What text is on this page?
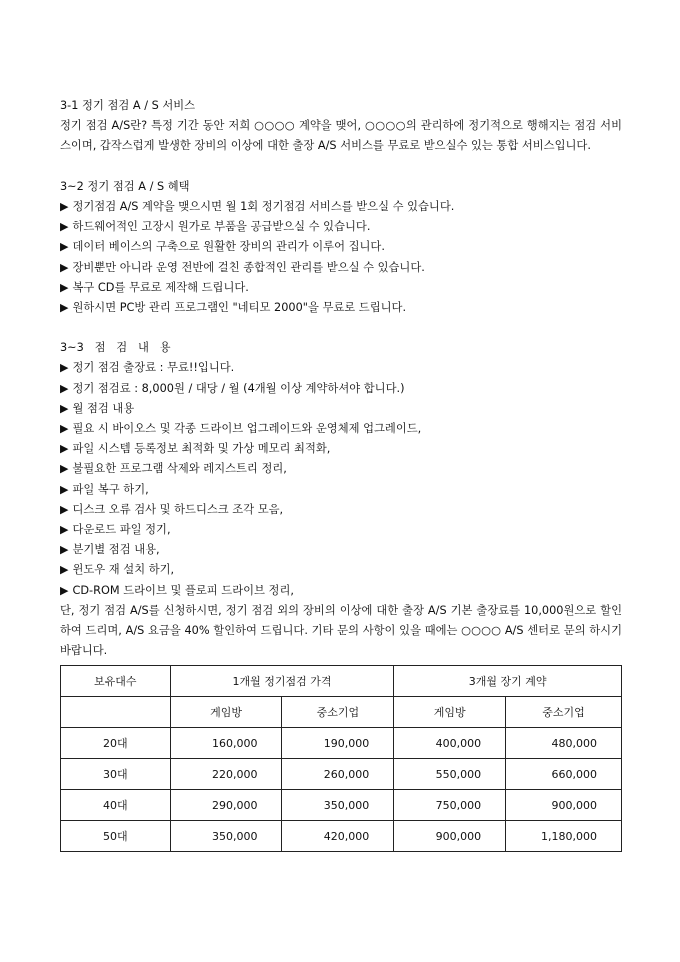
3-1 정기 점검 A / S 서비스
정기 점검 A/S란? 특정 기간 동안 저희 ○○○○ 계약을 맺어, ○○○○의 관리하에 정기적으로 행해지는 점검 서비스이며, 갑작스럽게 발생한 장비의 이상에 대한 출장 A/S 서비스를 무료로 받으실수 있는 통합 서비스입니다.
3~2 정기 점검 A / S 혜택
▶ 정기점검 A/S 계약을 맺으시면 월 1회 정기점검 서비스를 받으실 수 있습니다.
▶ 하드웨어적인 고장시 원가로 부품을 공급받으실 수 있습니다.
▶ 데이터 베이스의 구축으로 원활한 장비의 관리가 이루어 집니다.
▶ 장비뿐만 아니라 운영 전반에 걸친 종합적인 관리를 받으실 수 있습니다.
▶ 복구 CD를 무료로 제작해 드립니다.
▶ 원하시면 PC방 관리 프로그램인 "네티모 2000"을 무료로 드립니다.
3~3   점   검   내   용
▶ 정기 점검 출장료 : 무료!!입니다.
▶ 정기 점검료 : 8,000원 / 대당 / 월 (4개월 이상 계약하셔야 합니다.)
▶ 월 점검 내용
▶ 필요 시 바이오스 및 각종 드라이브 업그레이드와 운영체제 업그레이드,
▶ 파일 시스템 등록정보 최적화 및 가상 메모리 최적화,
▶ 불필요한 프로그램 삭제와 레지스트리 정리,
▶ 파일 복구 하기,
▶ 디스크 오류 검사 및 하드디스크 조각 모음,
▶ 다운로드 파일 정기,
▶ 분기별 점검 내용,
▶ 윈도우 재 설치 하기,
▶ CD-ROM 드라이브 및 플로피 드라이브 정리,
단, 정기 점검 A/S를 신청하시면, 정기 점검 외의 장비의 이상에 대한 출장 A/S 기본 출장료를 10,000원으로 할인하여 드리며, A/S 요금을 40% 할인하여 드립니다. 기타 문의 사항이 있을 때에는 ○○○○ A/S 센터로 문의 하시기 바랍니다.
보유대수	1개월 정기점검 가격		3개월 장기 계약	
	게임방	중소기업	게임방	중소기업
20대	160,000	190,000	400,000	480,000
30대	220,000	260,000	550,000	660,000
40대	290,000	350,000	750,000	900,000
50대	350,000	420,000	900,000	1,180,000
